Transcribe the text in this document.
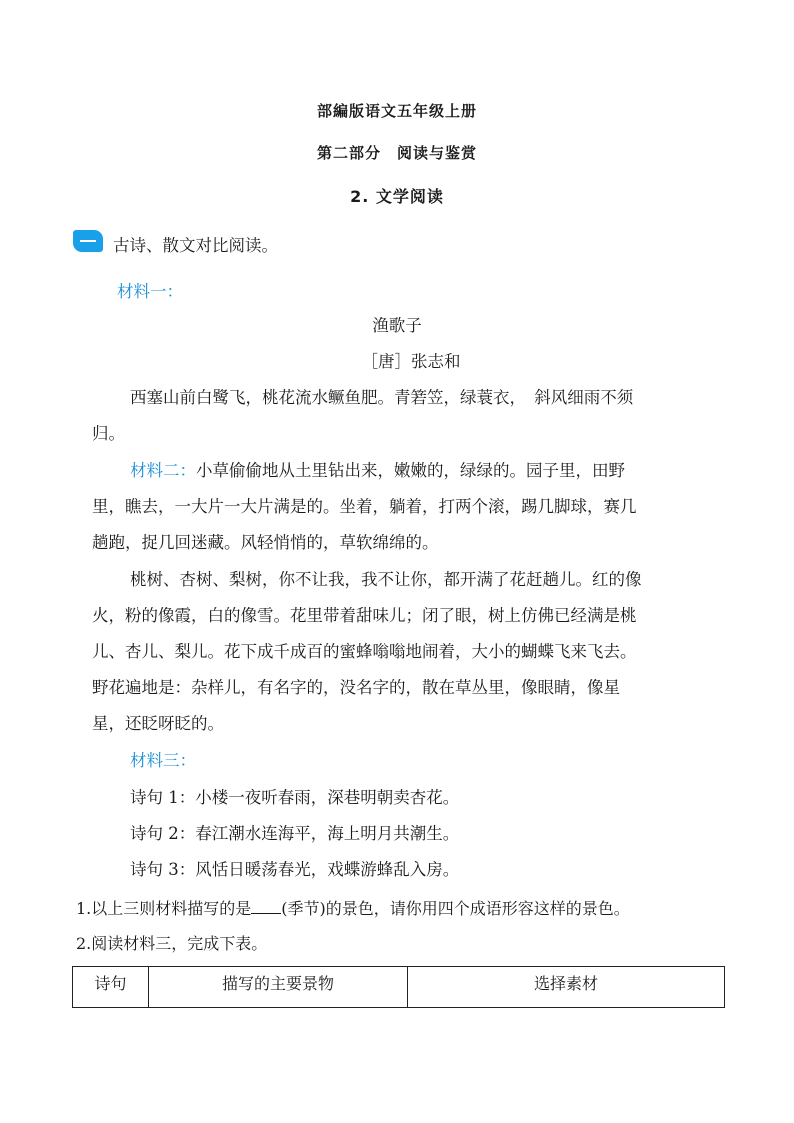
部編版语文五年级上册
第二部分　阅读与鉴赏
2. 文学阅读
古诗、散文对比阅读。
材料一：
渔歌子
［唐］张志和
西塞山前白鹭飞，桃花流水鳜鱼肥。青箬笠，绿蓑衣，　斜风细雨不须
归。
材料二：小草偷偷地从土里钻出来，嫩嫩的，绿绿的。园子里，田野
里，瞧去，一大片一大片满是的。坐着，躺着，打两个滚，踢几脚球，赛几
趟跑，捉几回迷藏。风轻悄悄的，草软绵绵的。
桃树、杏树、梨树，你不让我，我不让你，都开满了花赶趟儿。红的像
火，粉的像霞，白的像雪。花里带着甜味儿；闭了眼，树上仿佛已经满是桃
儿、杏儿、梨儿。花下成千成百的蜜蜂嗡嗡地闹着，大小的蝴蝶飞来飞去。
野花遍地是：杂样儿，有名字的，没名字的，散在草丛里，像眼睛，像星
星，还眨呀眨的。
材料三：
诗句 1：小楼一夜听春雨，深巷明朝卖杏花。
诗句 2：春江潮水连海平，海上明月共潮生。
诗句 3：风恬日暖荡春光，戏蝶游蜂乱入房。
1.以上三则材料描写的是 (季节)的景色，请你用四个成语形容这样的景色。
2.阅读材料三，完成下表。
诗句	描写的主要景物	选择素材
